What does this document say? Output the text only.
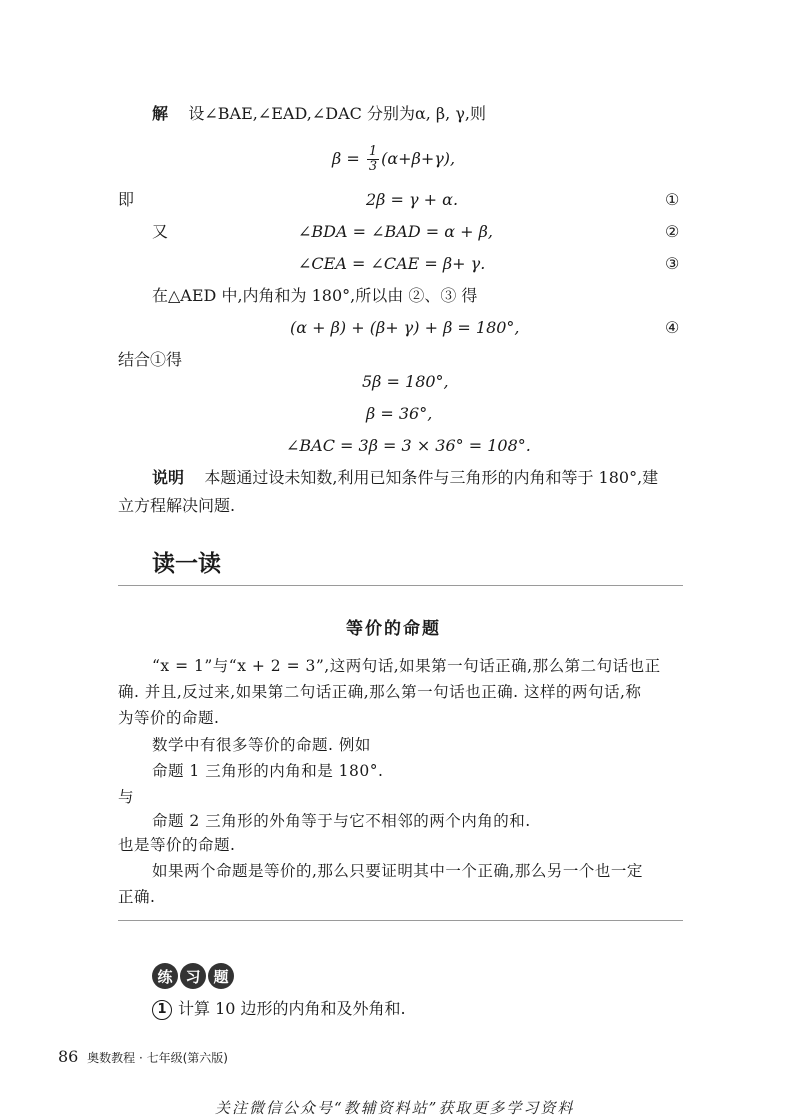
解 设∠BAE,∠EAD,∠DAC 分别为α, β, γ,则
$\beta = \frac{1}{3} (\alpha+\beta+\gamma)$,
即	2β = γ + α.	①
又	∠BDA = ∠BAD = α + β,	②
∠CEA = ∠CAE = β+ γ.	③
在△AED 中,内角和为 180°,所以由 ②、③ 得
(α + β) + (β+ γ) + β = 180°,	④
结合①得
5β = 180°,
β = 36°,
∠BAC = 3β = 3 × 36° = 108°.
说明 本题通过设未知数,利用已知条件与三角形的内角和等于 180°,建
立方程解决问题.
读一读
等价的命题
“x = 1”与“x + 2 = 3”,这两句话,如果第一句话正确,那么第二句话也正
确. 并且,反过来,如果第二句话正确,那么第一句话也正确. 这样的两句话,称
为等价的命题.
数学中有很多等价的命题. 例如
命题 1 三角形的内角和是 180°.
与
命题 2 三角形的外角等于与它不相邻的两个内角的和.
也是等价的命题.
如果两个命题是等价的,那么只要证明其中一个正确,那么另一个也一定
正确.
练 习 题
1 计算 10 边形的内角和及外角和.
86 奥数教程 · 七年级(第六版)
关注微信公众号“教辅资料站”获取更多学习资料
